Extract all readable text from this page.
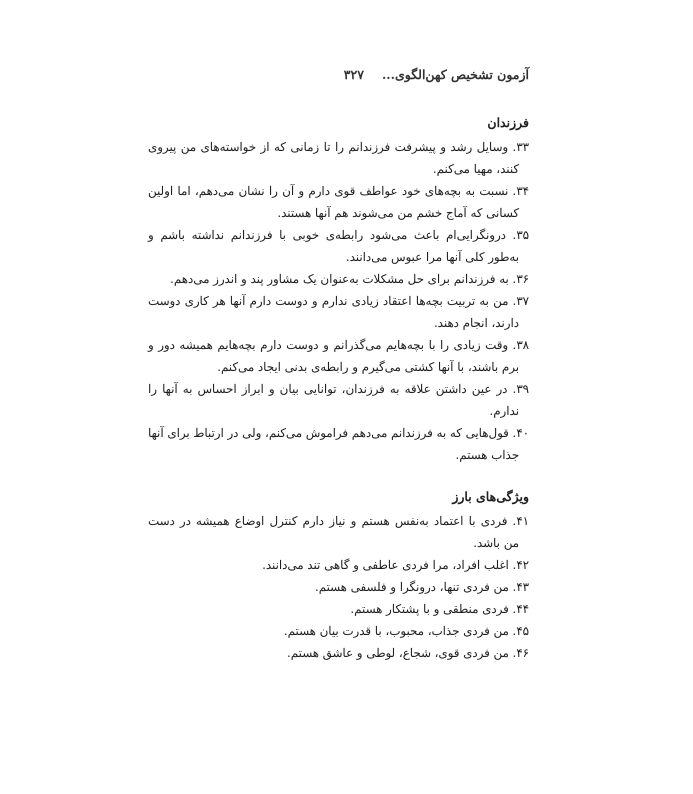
۳۲۷ آزمون تشخیص کهن‌الگوی...

فرزندان

۳۳. وسایل رشد و پیشرفت فرزندانم را تا زمانی که از خواسته‌های من پیروی کنند، مهیا می‌کنم.

۳۴. نسبت به بچه‌های خود عواطف قوی دارم و آن را نشان می‌دهم، اما اولین کسانی که آماج خشم من می‌شوند هم آنها هستند.

۳۵. درونگرایی‌ام باعث می‌شود رابطه‌ی خوبی با فرزندانم نداشته باشم و به‌طور کلی آنها مرا عبوس می‌دانند.

۳۶. به فرزندانم برای حل مشکلات به‌عنوان یک مشاور پند و اندرز می‌دهم.

۳۷. من به تربیت بچه‌ها اعتقاد زیادی ندارم و دوست دارم آنها هر کاری دوست دارند، انجام دهند.

۳۸. وقت زیادی را با بچه‌هایم می‌گذرانم و دوست دارم بچه‌هایم همیشه دور و برم باشند، با آنها کشتی می‌گیرم و رابطه‌ی بدنی ایجاد می‌کنم.

۳۹. در عین داشتن علاقه به فرزندان، توانایی بیان و ابراز احساس به آنها را ندارم.

۴۰. قول‌هایی که به فرزندانم می‌دهم فراموش می‌کنم، ولی در ارتباط برای آنها جذاب هستم.

ویژگی‌های بارز

۴۱. فردی با اعتماد به‌نفس هستم و نیاز دارم کنترل اوضاع همیشه در دست من باشد.

۴۲. اغلب افراد، مرا فردی عاطفی و گاهی تند می‌دانند.

۴۳. من فردی تنها، درونگرا و فلسفی هستم.

۴۴. فردی منطقی و با پشتکار هستم.

۴۵. من فردی جذاب، محبوب، با قدرت بیان هستم.

۴۶. من فردی قوی، شجاع، لوطی و عاشق هستم.
